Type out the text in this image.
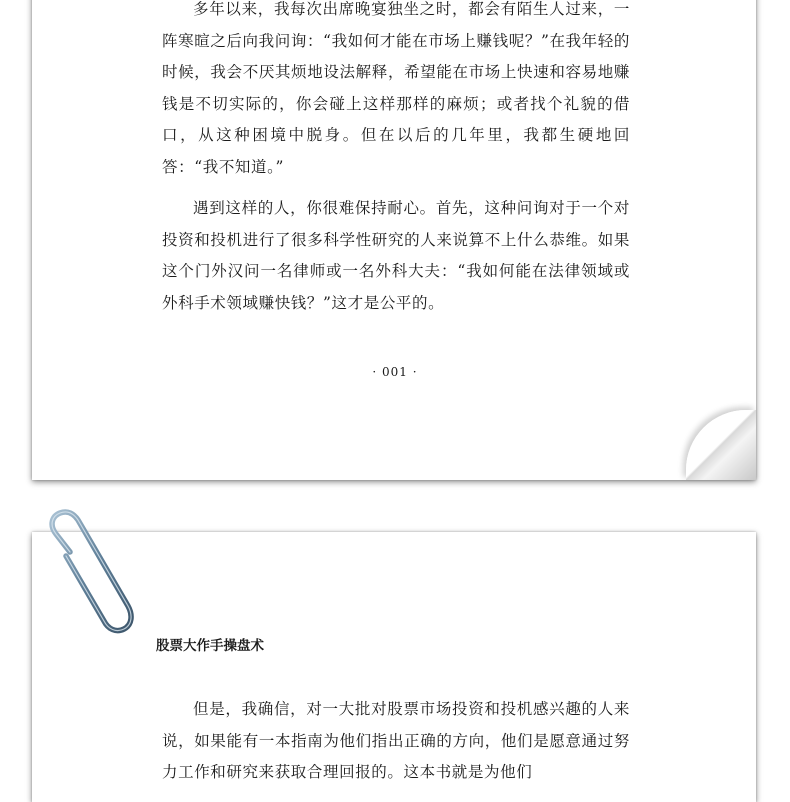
多年以来，我每次出席晚宴独坐之时，都会有陌生人过来，一阵寒暄之后向我问询：“我如何才能在市场上赚钱呢？”在我年轻的时候，我会不厌其烦地设法解释，希望能在市场上快速和容易地赚钱是不切实际的，你会碰上这样那样的麻烦；或者找个礼貌的借口，从这种困境中脱身。但在以后的几年里，我都生硬地回答：“我不知道。”

遇到这样的人，你很难保持耐心。首先，这种问询对于一个对投资和投机进行了很多科学性研究的人来说算不上什么恭维。如果这个门外汉问一名律师或一名外科大夫：“我如何能在法律领域或外科手术领域赚快钱？”这才是公平的。

· 001 ·
股票大作手操盘术

但是，我确信，对一大批对股票市场投资和投机感兴趣的人来说，如果能有一本指南为他们指出正确的方向，他们是愿意通过努力工作和研究来获取合理回报的。这本书就是为他们
